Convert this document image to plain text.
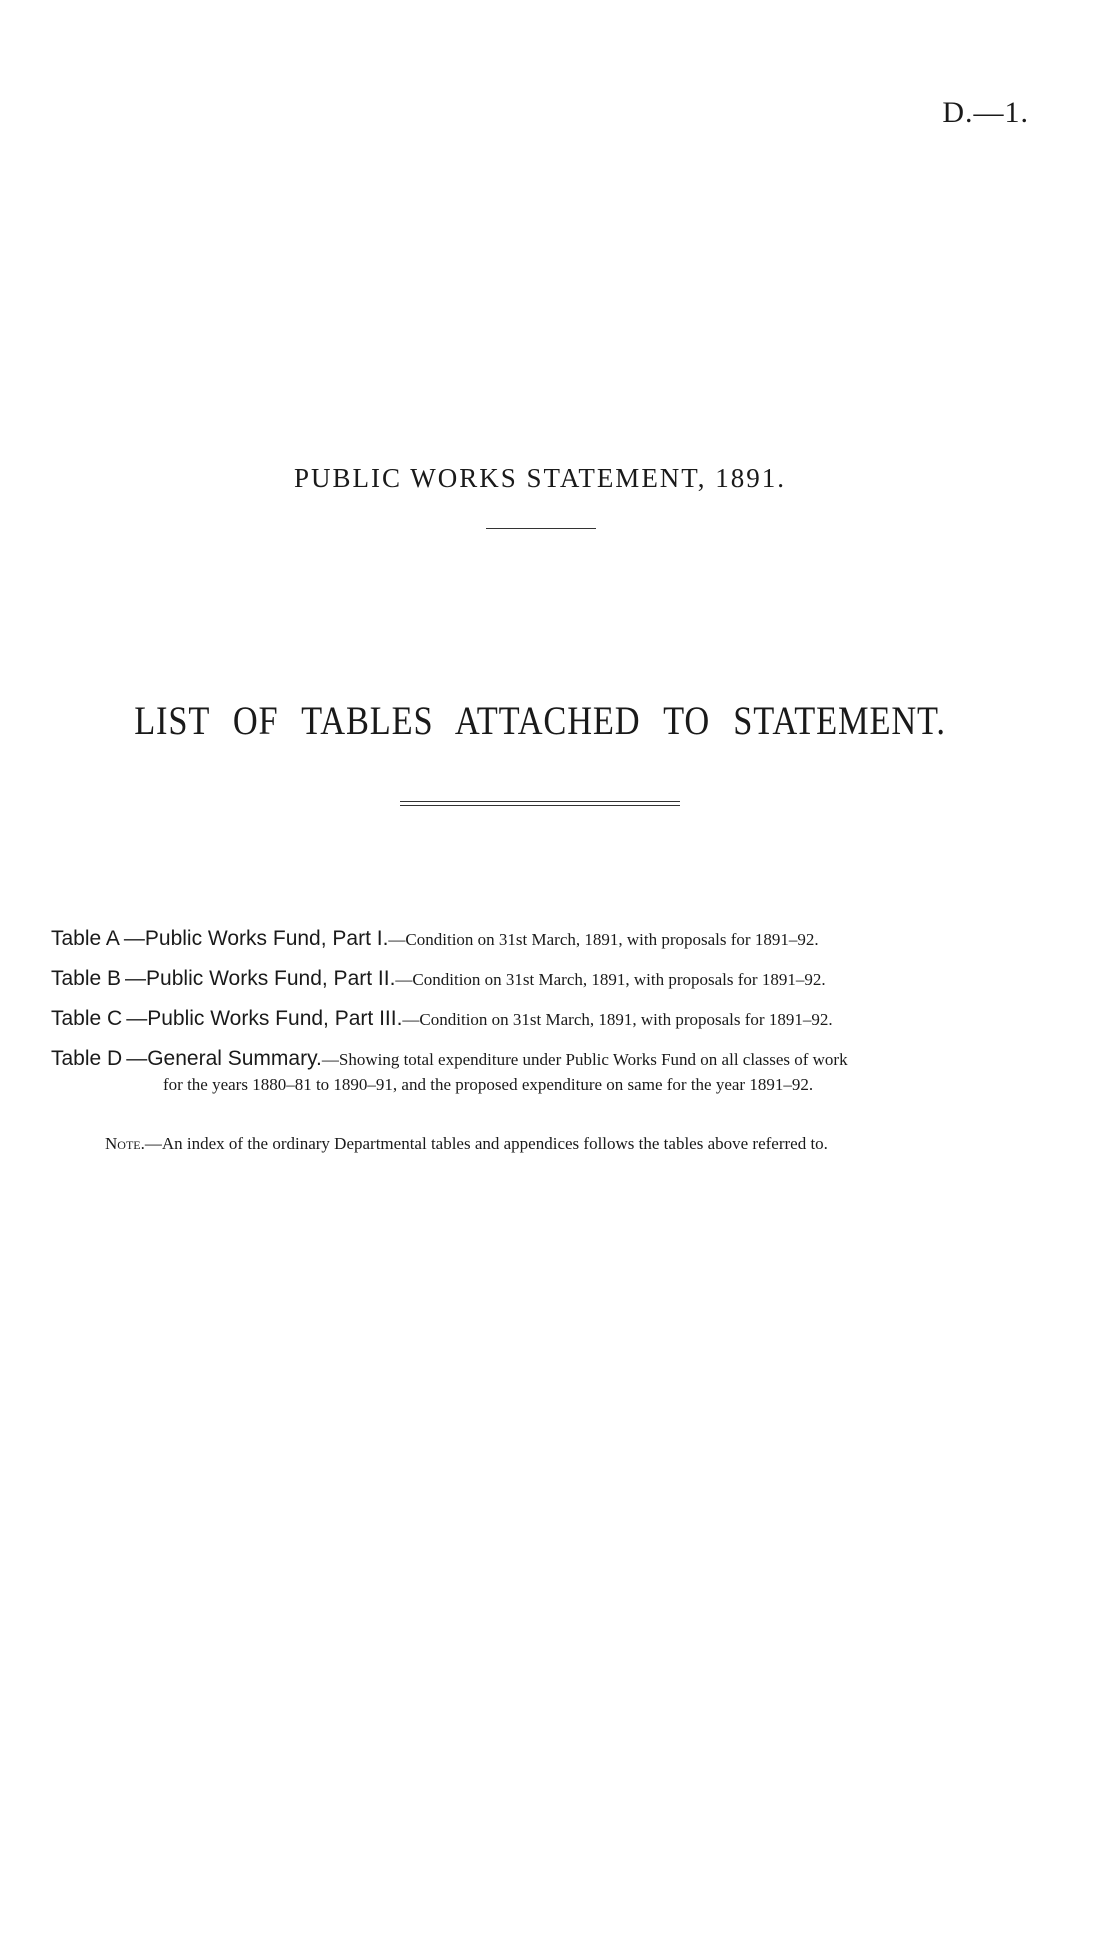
D.—1.
PUBLIC WORKS STATEMENT, 1891.
LIST OF TABLES ATTACHED TO STATEMENT.
Table A —Public Works Fund, Part I.—Condition on 31st March, 1891, with proposals for 1891–92.
Table B —Public Works Fund, Part II.—Condition on 31st March, 1891, with proposals for 1891–92.
Table C —Public Works Fund, Part III.—Condition on 31st March, 1891, with proposals for 1891–92.
Table D —General Summary.—Showing total expenditure under Public Works Fund on all classes of work
for the years 1880–81 to 1890–91, and the proposed expenditure on same for the year 1891–92.
Note.—An index of the ordinary Departmental tables and appendices follows the tables above referred to.
